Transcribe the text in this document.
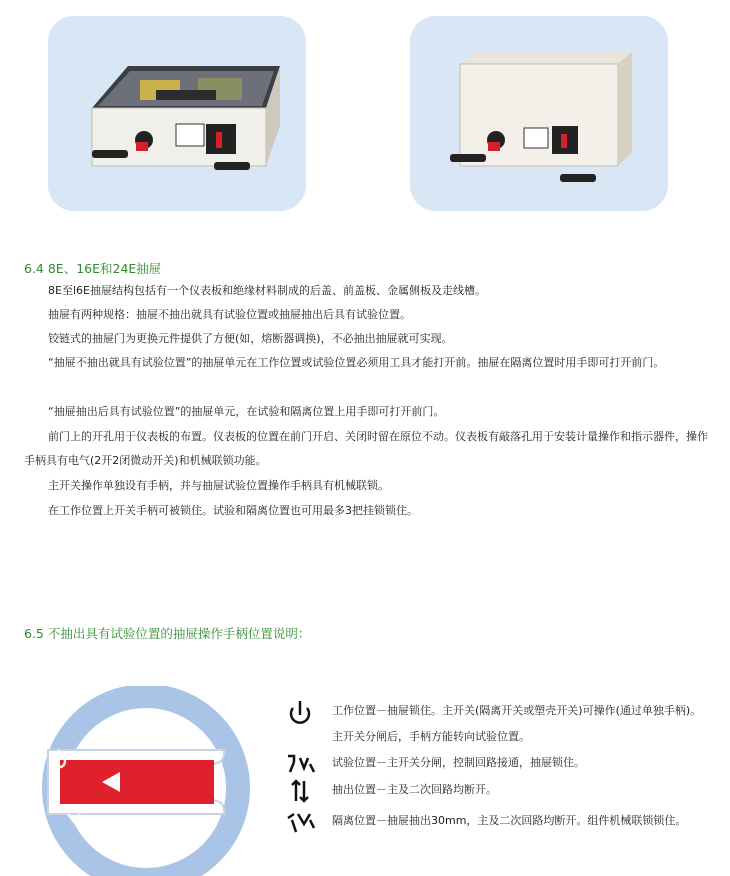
6.4 8E、16E和24E抽屉

8E至l6E抽屉结构包括有一个仪表板和绝缘材料制成的后盖、前盖板、金属侧板及走线槽。

抽屉有两种规格：抽屉不抽出就具有试验位置或抽屉抽出后具有试验位置。

铰链式的抽屉门为更换元件提供了方便(如，熔断器调换)，不必抽出抽屉就可实现。

“抽屉不抽出就具有试验位置”的抽屉单元在工作位置或试验位置必须用工具才能打开前。抽屉在隔离位置时用手即可打开前门。

“抽屉抽出后具有试验位置”的抽屉单元，在试验和隔离位置上用手即可打开前门。

前门上的开孔用于仪表板的布置。仪表板的位置在前门开启、关闭时留在原位不动。仪表板有敲落孔用于安装计量操作和指示器件，操作手柄具有电气(2开2闭微动开关)和机械联锁功能。

主开关操作单独设有手柄，并与抽屉试验位置操作手柄具有机械联锁。

在工作位置上开关手柄可被锁住。试验和隔离位置也可用最多3把挂锁锁住。

6.5 不抽出具有试验位置的抽屉操作手柄位置说明：
工作位置－抽屉锁住。主开关(隔离开关或塑壳开关)可操作(通过单独手柄)。主开关分闸后，手柄方能转向试验位置。
试验位置－主开关分闸，控制回路接通，抽屉锁住。
抽出位置－主及二次回路均断开。
隔离位置－抽屉抽出30mm，主及二次回路均断开。组件机械联锁锁住。
